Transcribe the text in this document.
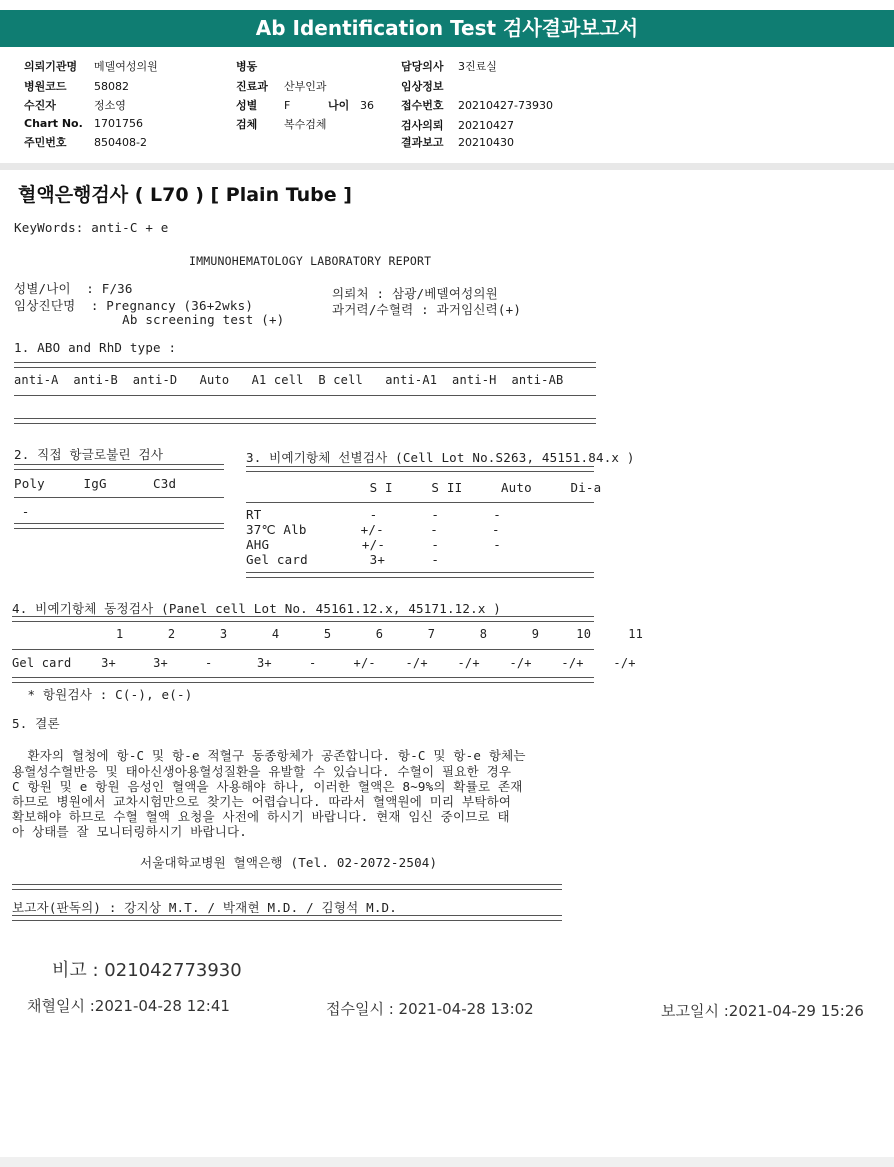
Ab Identification Test 검사결과보고서
의뢰기관명 메델여성의원
병원코드 58082
수진자	정소영
Chart No. 1701756
주민번호 850408-2
병동
진료과 산부인과
성별 F	나이 36
검체 복수검체
담당의사 3진료실
임상정보
접수번호 20210427-73930
검사의뢰 20210427
결과보고 20210430
혈액은행검사 ( L70 ) [ Plain Tube ]
KeyWords: anti-C + e
IMMUNOHEMATOLOGY LABORATORY REPORT
성별/나이  : F/36
임상진단명  : Pregnancy (36+2wks)
Ab screening test (+)
의뢰처 : 삼광/베델여성의원
과거력/수혈력 : 과거임신력(+)
1. ABO and RhD type :
anti-A  anti-B  anti-D   Auto   A1 cell  B cell   anti-A1  anti-H  anti-AB
2. 직접 항글로불린 검사
Poly     IgG      C3d
-
3. 비예기항체 선별검사 (Cell Lot No.S263, 45151.84.x )
S I     S II     Auto     Di-a
RT              -       -       -
37℃ Alb       +/-      -       -
AHG            +/-      -       -
Gel card        3+      -
4. 비예기항체 동정검사 (Panel cell Lot No. 45161.12.x, 45171.12.x )
1      2      3      4      5      6      7      8      9     10     11
Gel card    3+     3+     -      3+     -     +/-    -/+    -/+    -/+    -/+    -/+
* 항원검사 : C(-), e(-)
5. 결론
환자의 혈청에 항-C 및 항-e 적혈구 동종항체가 공존합니다. 항-C 및 항-e 항체는
용혈성수혈반응 및 태아신생아용혈성질환을 유발할 수 있습니다. 수혈이 필요한 경우
C 항원 및 e 항원 음성인 혈액을 사용해야 하나, 이러한 혈액은 8~9%의 확률로 존재
하므로 병원에서 교차시험만으로 찾기는 어렵습니다. 따라서 혈액원에 미리 부탁하여
확보해야 하므로 수혈 혈액 요청을 사전에 하시기 바랍니다. 현재 임신 중이므로 태
아 상태를 잘 모니터링하시기 바랍니다.
서울대학교병원 혈액은행 (Tel. 02-2072-2504)
보고자(판독의) : 강지상 M.T. / 박재현 M.D. / 김형석 M.D.
비고 : 021042773930
채혈일시 :2021-04-28 12:41	접수일시 : 2021-04-28 13:02	보고일시 :2021-04-29 15:26
